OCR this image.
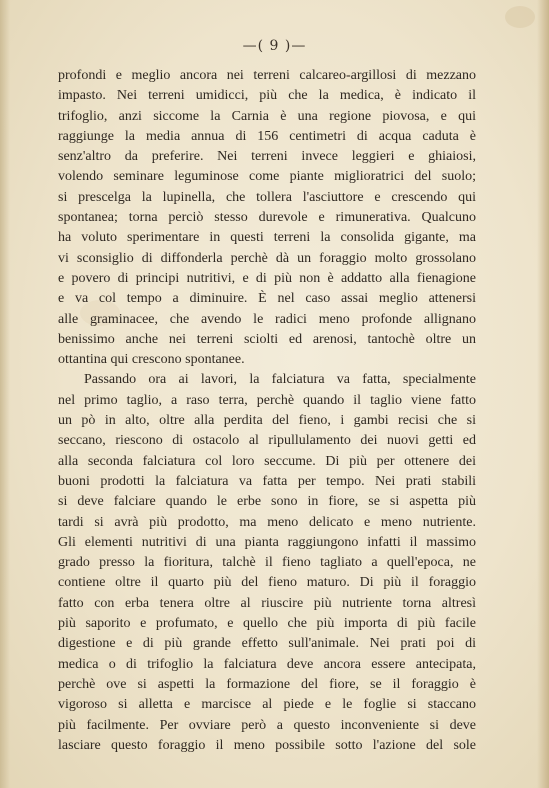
—( 9 )—
profondi e meglio ancora nei terreni calcareo-argillosi di mezzano
impasto. Nei terreni umidicci, più che la medica, è indicato il
trifoglio, anzi siccome la Carnia è una regione piovosa, e qui
raggiunge la media annua di 156 centimetri di acqua caduta è
senz'altro da preferire. Nei terreni invece leggieri e ghiaiosi,
volendo seminare leguminose come piante miglioratrici del suolo;
si prescelga la lupinella, che tollera l'asciuttore e crescendo qui
spontanea; torna perciò stesso durevole e rimunerativa. Qualcuno
ha voluto sperimentare in questi terreni la consolida gigante, ma
vi sconsiglio di diffonderla perchè dà un foraggio molto grossolano
e povero di principi nutritivi, e di più non è addatto alla fienagione
e va col tempo a diminuire. È nel caso assai meglio attenersi
alle graminacee, che avendo le radici meno profonde allignano
benissimo anche nei terreni sciolti ed arenosi, tantochè oltre un
ottantina qui crescono spontanee.
Passando ora ai lavori, la falciatura va fatta, specialmente
nel primo taglio, a raso terra, perchè quando il taglio viene fatto
un pò in alto, oltre alla perdita del fieno, i gambi recisi che si
seccano, riescono di ostacolo al ripullulamento dei nuovi getti ed
alla seconda falciatura col loro seccume. Di più per ottenere dei
buoni prodotti la falciatura va fatta per tempo. Nei prati stabili
si deve falciare quando le erbe sono in fiore, se si aspetta più
tardi si avrà più prodotto, ma meno delicato e meno nutriente.
Gli elementi nutritivi di una pianta raggiungono infatti il massimo
grado presso la fioritura, talchè il fieno tagliato a quell'epoca, ne
contiene oltre il quarto più del fieno maturo. Di più il foraggio
fatto con erba tenera oltre al riuscire più nutriente torna altresì
più saporito e profumato, e quello che più importa di più facile
digestione e di più grande effetto sull'animale. Nei prati poi di
medica o di trifoglio la falciatura deve ancora essere antecipata,
perchè ove si aspetti la formazione del fiore, se il foraggio è
vigoroso si alletta e marcisce al piede e le foglie si staccano
più facilmente. Per ovviare però a questo inconveniente si deve
lasciare questo foraggio il meno possibile sotto l'azione del sole
